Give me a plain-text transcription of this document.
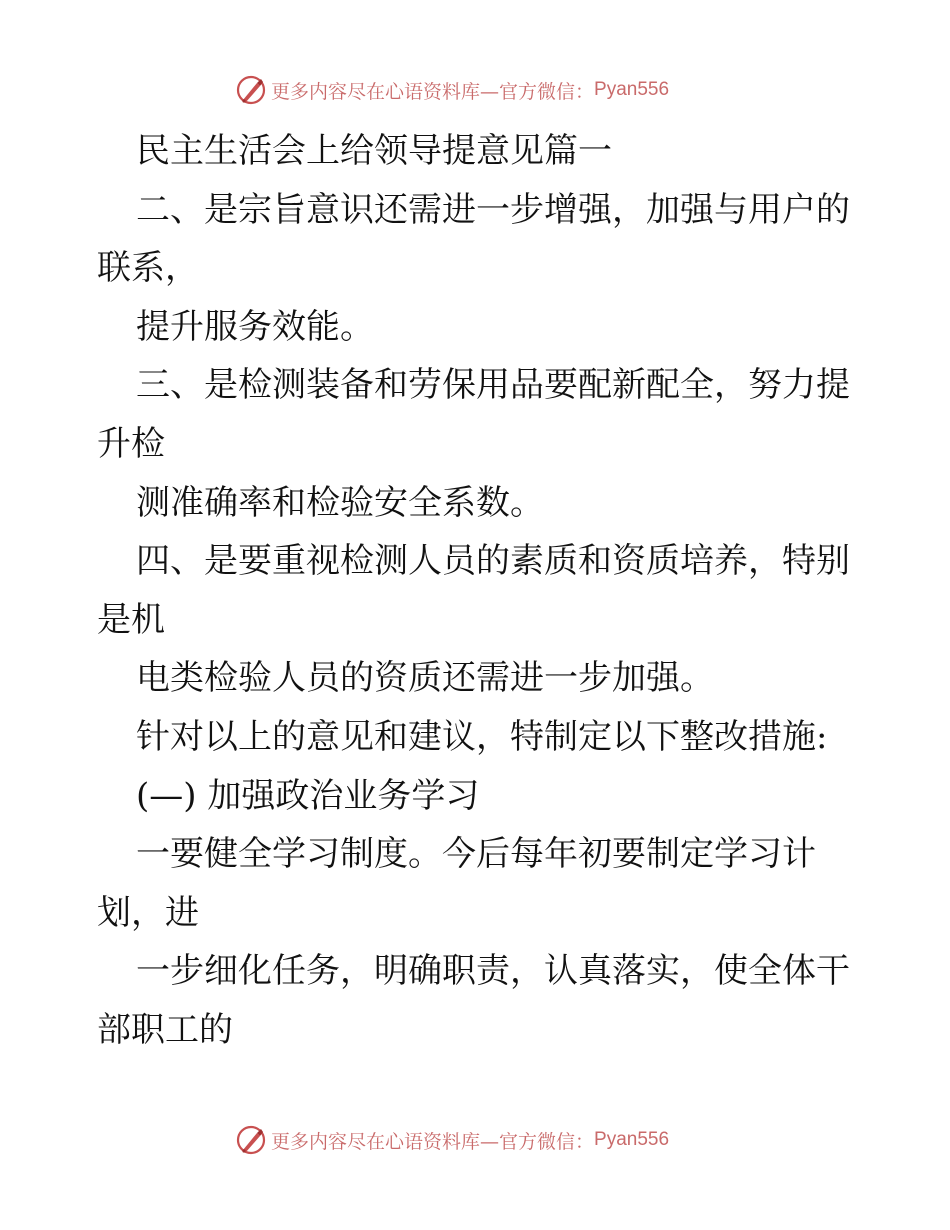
更多内容尽在心语资料库—官方微信： Pyan556
民主生活会上给领导提意见篇一
二、是宗旨意识还需进一步增强，加强与用户的
联系，
提升服务效能。
三、是检测装备和劳保用品要配新配全，努力提
升检
测准确率和检验安全系数。
四、是要重视检测人员的素质和资质培养，特别
是机
电类检验人员的资质还需进一步加强。
针对以上的意见和建议，特制定以下整改措施:
(—) 加强政治业务学习
一要健全学习制度。今后每年初要制定学习计
划，进
一步细化任务，明确职责，认真落实，使全体干
部职工的
更多内容尽在心语资料库—官方微信： Pyan556
